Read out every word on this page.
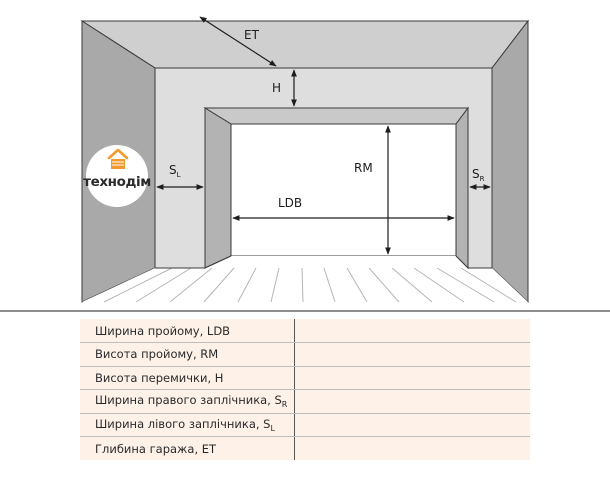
ET
H
RM
LDB
$S_L$	$S_R$
технодім
Ширина пройому, LDB	
Висота пройому, RM	
Висота перемички, H	
Ширина правого заплічника, $S_R$	
Ширина лівого заплічника, $S_L$	
Глибина гаража, ET	
